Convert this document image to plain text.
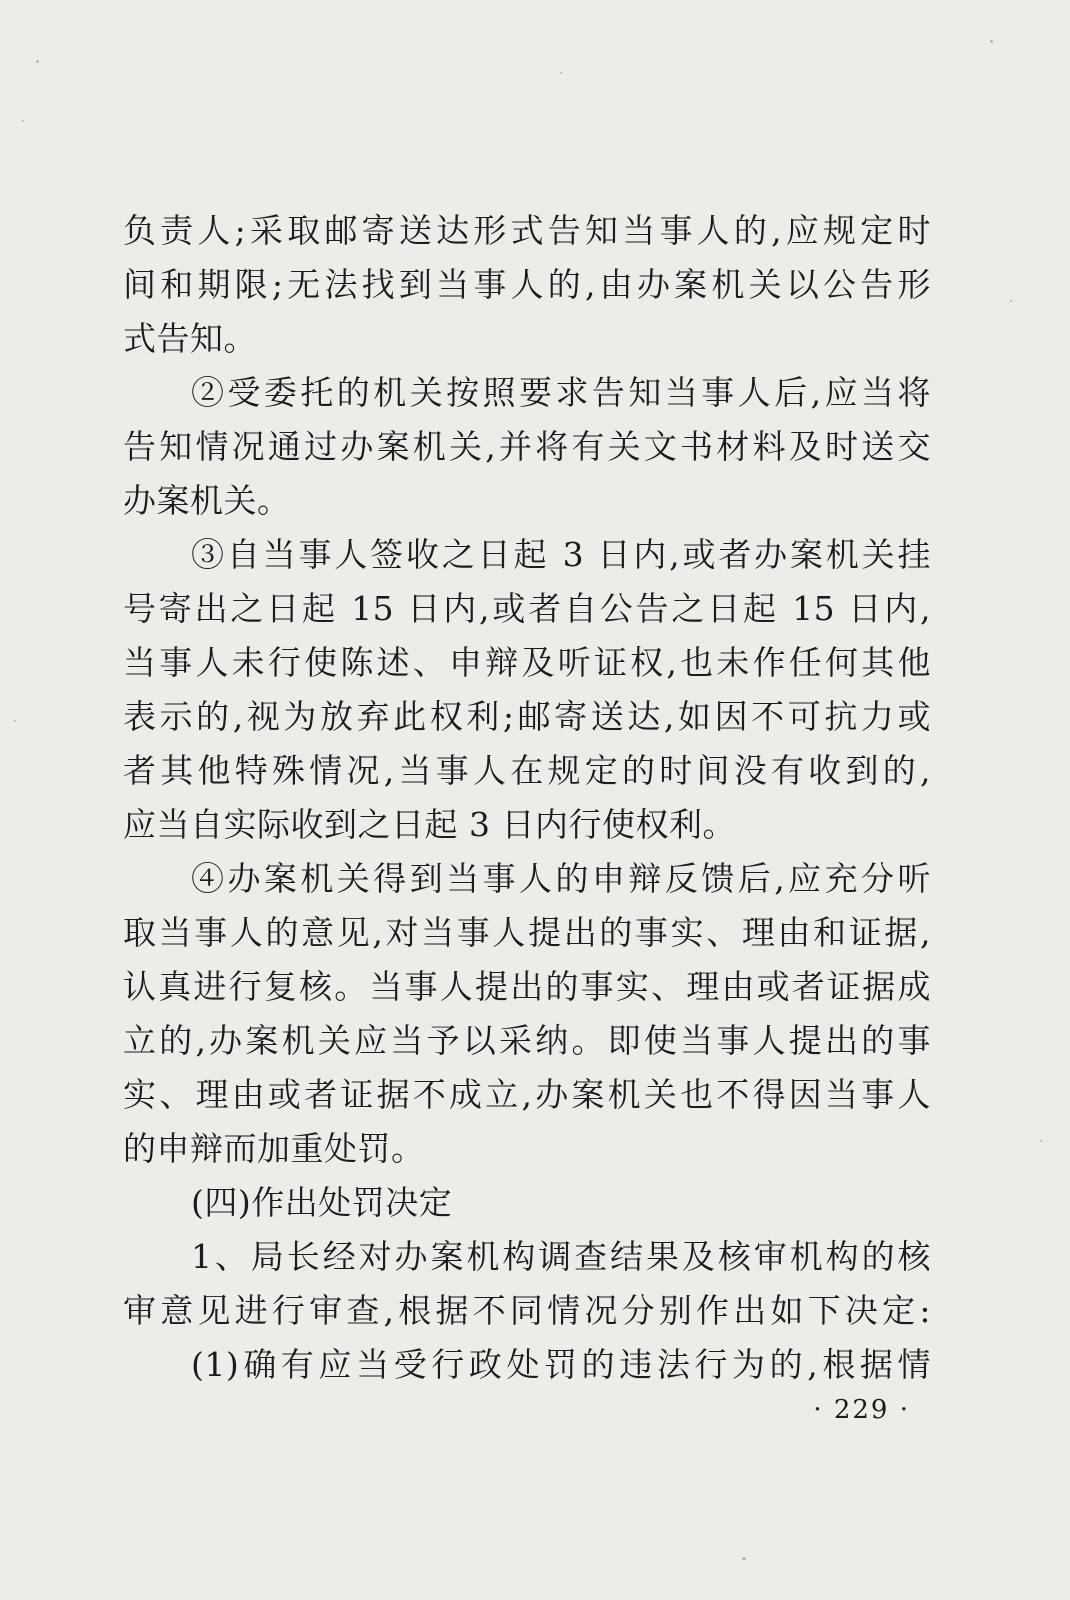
负责人;采取邮寄送达形式告知当事人的,应规定时
间和期限;无法找到当事人的,由办案机关以公告形
式告知。
②受委托的机关按照要求告知当事人后,应当将
告知情况通过办案机关,并将有关文书材料及时送交
办案机关。
③自当事人签收之日起 3 日内,或者办案机关挂
号寄出之日起 15 日内,或者自公告之日起 15 日内,
当事人未行使陈述、申辩及听证权,也未作任何其他
表示的,视为放弃此权利;邮寄送达,如因不可抗力或
者其他特殊情况,当事人在规定的时间没有收到的,
应当自实际收到之日起 3 日内行使权利。
④办案机关得到当事人的申辩反馈后,应充分听
取当事人的意见,对当事人提出的事实、理由和证据,
认真进行复核。当事人提出的事实、理由或者证据成
立的,办案机关应当予以采纳。即使当事人提出的事
实、理由或者证据不成立,办案机关也不得因当事人
的申辩而加重处罚。
(四)作出处罚决定
1、局长经对办案机构调查结果及核审机构的核
审意见进行审查,根据不同情况分别作出如下决定:
(1)确有应当受行政处罚的违法行为的,根据情
· 229 ·
